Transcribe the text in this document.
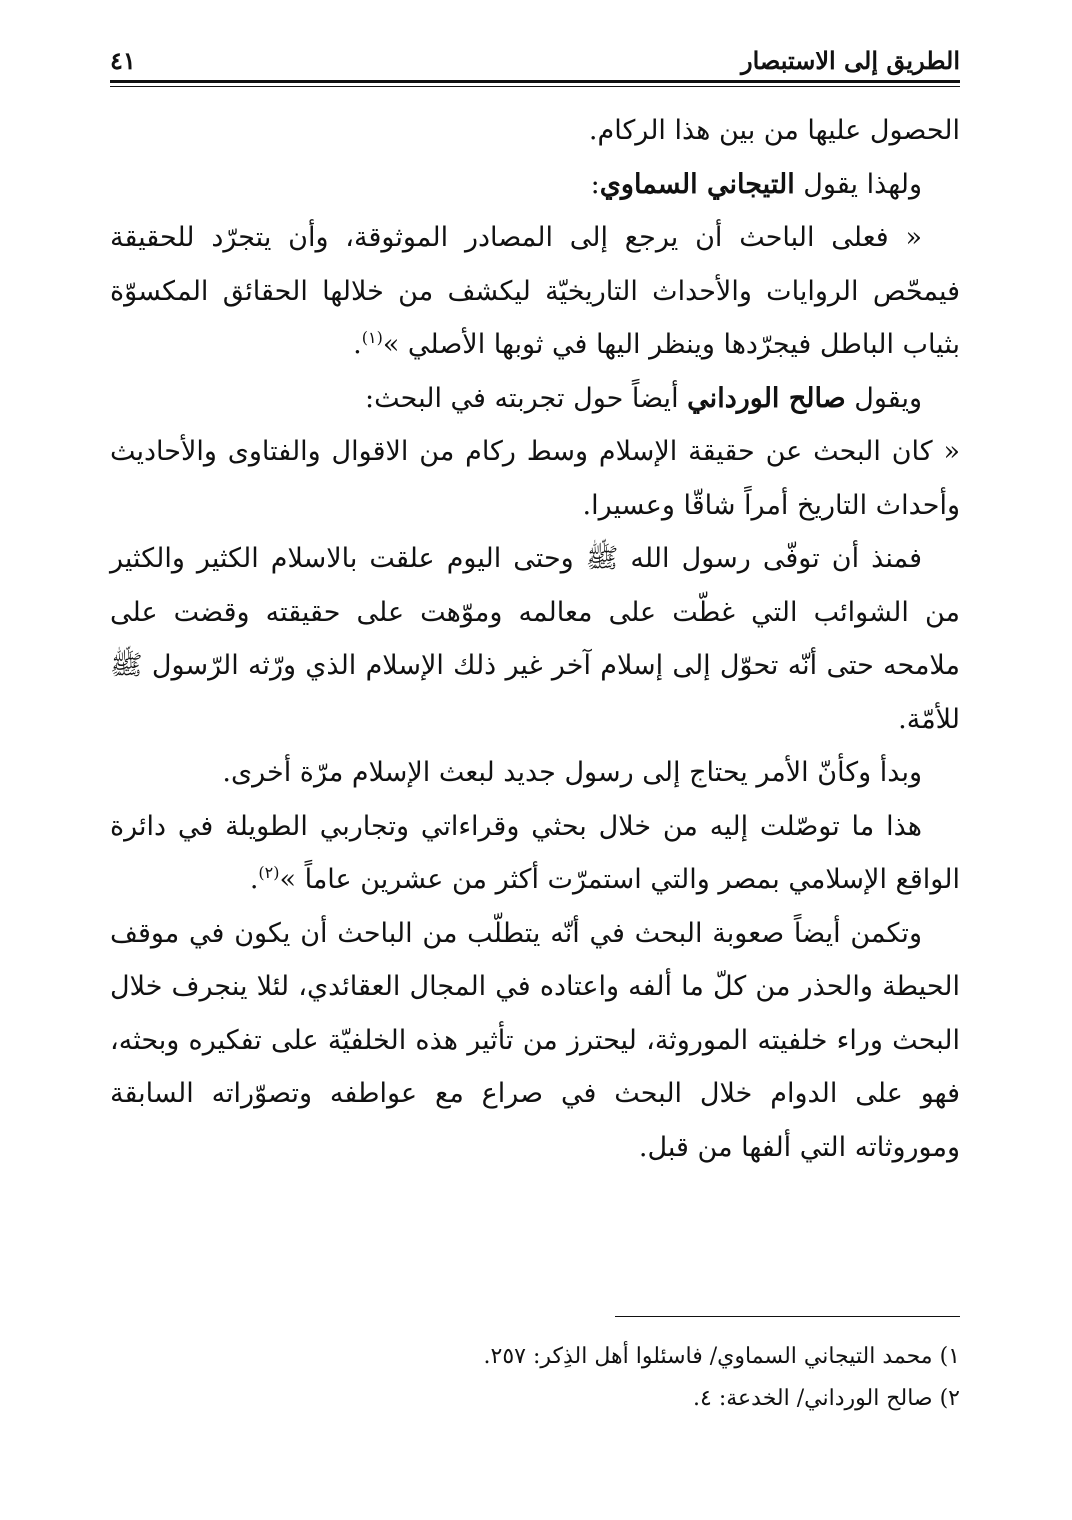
الطريق إلى الاستبصار
٤١

الحصول عليها من بين هذا الركام.

ولهذا يقول التيجاني السماوي:

« فعلى الباحث أن يرجع إلى المصادر الموثوقة، وأن يتجرّد للحقيقة فيمحّص الروايات والأحداث التاريخيّة ليكشف من خلالها الحقائق المكسوّة بثياب الباطل فيجرّدها وينظر اليها في ثوبها الأصلي »$^{(١)}$.

ويقول صالح الورداني أيضاً حول تجربته في البحث:

« كان البحث عن حقيقة الإسلام وسط ركام من الاقوال والفتاوى والأحاديث وأحداث التاريخ أمراً شاقّا وعسيرا.

فمنذ أن توفّى رسول الله ﷺ وحتى اليوم علقت بالاسلام الكثير والكثير من الشوائب التي غطّت على معالمه وموّهت على حقيقته وقضت على ملامحه حتى أنّه تحوّل إلى إسلام آخر غير ذلك الإسلام الذي ورّثه الرّسول ﷺ للأمّة.

وبدأ وكأنّ الأمر يحتاج إلى رسول جديد لبعث الإسلام مرّة أخرى.

هذا ما توصّلت إليه من خلال بحثي وقراءاتي وتجاربي الطويلة في دائرة الواقع الإسلامي بمصر والتي استمرّت أكثر من عشرين عاماً »$^{(٢)}$.

وتكمن أيضاً صعوبة البحث في أنّه يتطلّب من الباحث أن يكون في موقف الحيطة والحذر من كلّ ما ألفه واعتاده في المجال العقائدي، لئلا ينجرف خلال البحث وراء خلفيته الموروثة، ليحترز من تأثير هذه الخلفيّة على تفكيره وبحثه، فهو على الدوام خلال البحث في صراع مع عواطفه وتصوّراته السابقة وموروثاته التي ألفها من قبل.

١) محمد التيجاني السماوي/ فاسئلوا أهل الذِكر: ٢٥٧.

٢) صالح الورداني/ الخدعة: ٤.
